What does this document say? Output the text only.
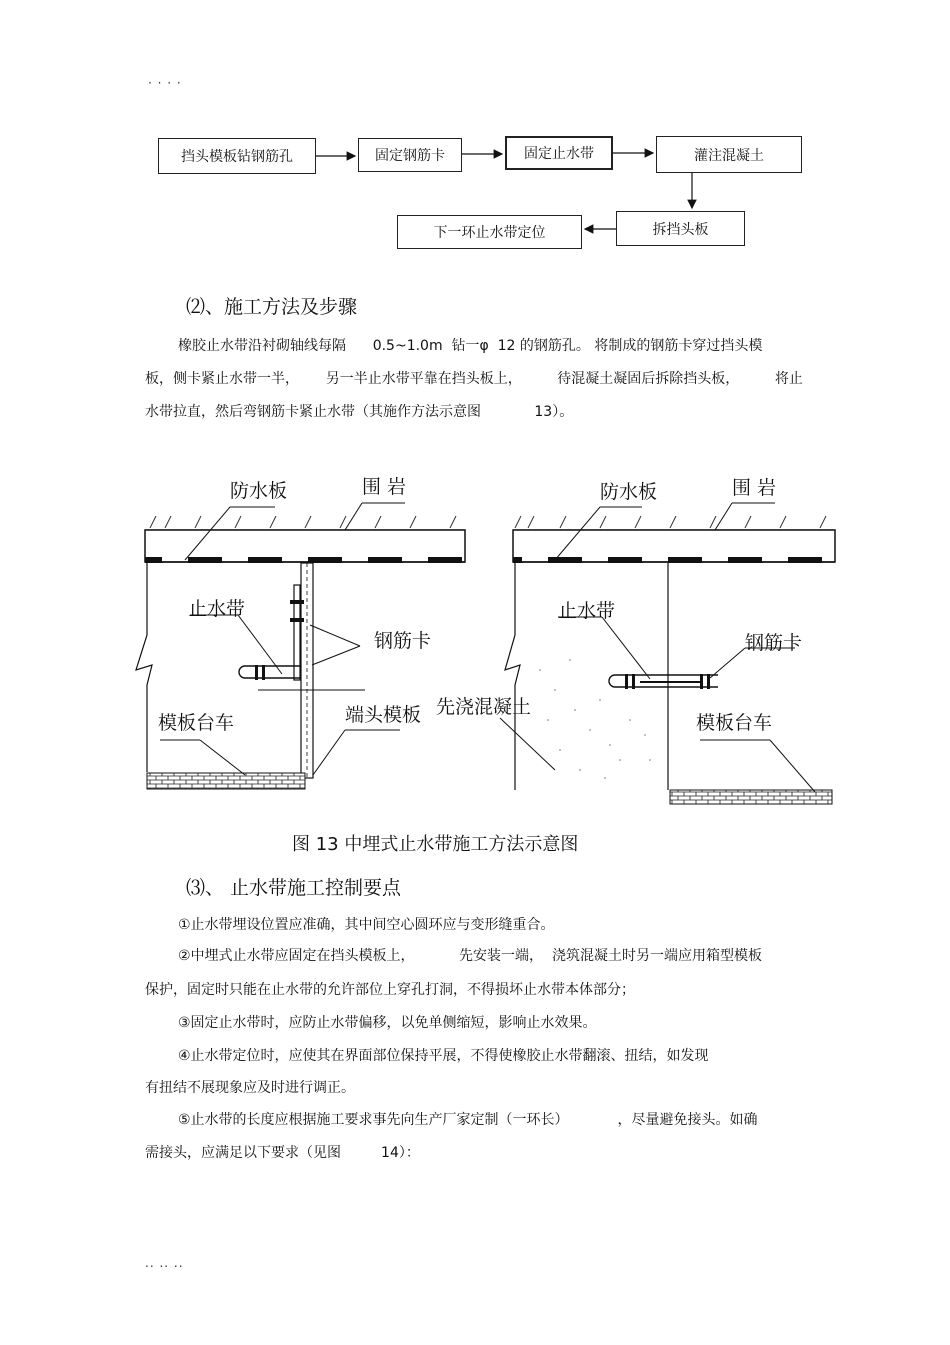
· · · ·
挡头模板钻钢筋孔	固定钢筋卡	固定止水带	灌注混凝土
拆挡头板
下一环止水带定位
⑵、施工方法及步骤
橡胶止水带沿衬砌轴线每隔      0.5~1.0m  钻一φ  12 的钢筋孔。 将制成的钢筋卡穿过挡头模
板，侧卡紧止水带一半，      另一半止水带平靠在挡头板上，        待混凝土凝固后拆除挡头板，        将止
水带拉直，然后弯钢筋卡紧止水带（其施作方法示意图            13）。
防水板	围 岩
止水带
钢筋卡
模板台车	端头模板
防水板	围 岩
止水带
钢筋卡
先浇混凝土
模板台车
图 13 中埋式止水带施工方法示意图
⑶、 止水带施工控制要点
①止水带埋设位置应准确，其中间空心圆环应与变形缝重合。
②中埋式止水带应固定在挡头模板上，          先安装一端，  浇筑混凝土时另一端应用箱型模板
保护，固定时只能在止水带的允许部位上穿孔打洞，不得损坏止水带本体部分；
③固定止水带时，应防止水带偏移，以免单侧缩短，影响止水效果。
④止水带定位时，应使其在界面部位保持平展，不得使橡胶止水带翻滚、扭结，如发现
有扭结不展现象应及时进行调正。
⑤止水带的长度应根据施工要求事先向生产厂家定制（一环长）           ，尽量避免接头。如确
需接头，应满足以下要求（见图         14）：
.. .. ..
